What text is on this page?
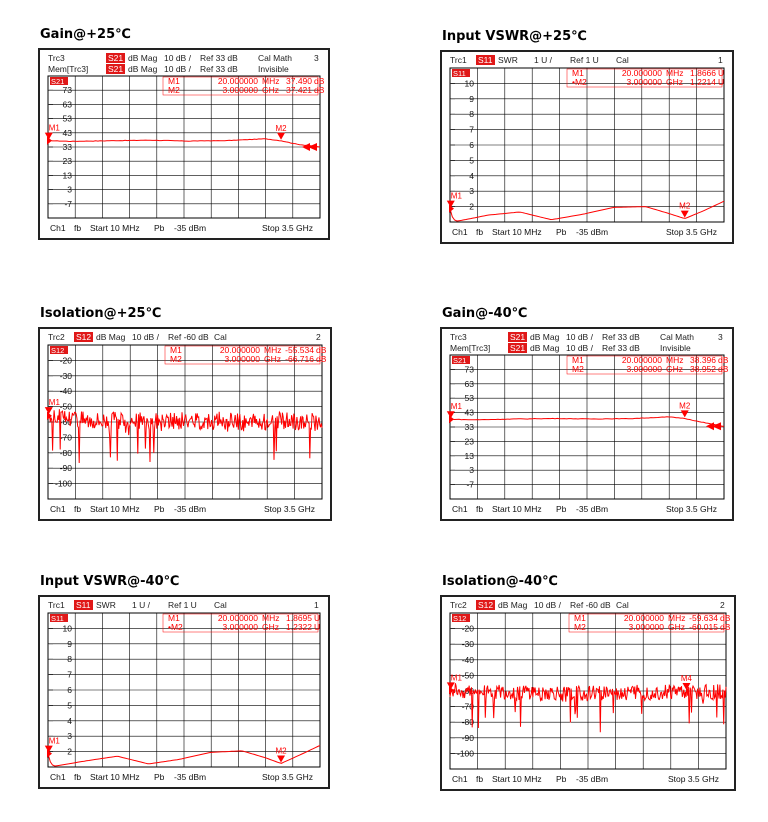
Gain@+25℃	Input VSWR@+25℃
Isolation@+25℃	Gain@-40℃
Input VSWR@-40℃	Isolation@-40℃
Trc3	S21 dB Mag 10 dB / Ref 33 dB Cal Math	3
Mem[Trc3] S21 dB Mag 10 dB / Ref 33 dB Invisible
73
63
53
43
33
23
13
3
-7
S21	M1	20.000000 MHz 37.490 dB
M2	3.000000 GHz 37.421 dB
M1	M2
Ch1 fb Start 10 MHz Pb -35 dBm	Stop 3.5 GHz
Trc1 S11 SWR 1 U / Ref 1 U Cal	1
10
9
8
7
6
5
4
3
2
S11	M1	20.000000 MHz 1.8666 U
•M2	3.000000 GHz 1.2214 U
M1
M2
Ch1 fb Start 10 MHz Pb -35 dBm	Stop 3.5 GHz
Trc2 S12 dB Mag 10 dB / Ref -60 dB Cal	2
-20
-30
-40
-50
-60
-70
-80
-90
-100
S12	M1	20.000000 MHz -55.534 dB
M2	3.000000 GHz -66.716 dB
M1
Ch1 fb Start 10 MHz Pb -35 dBm	Stop 3.5 GHz
Trc3	S21 dB Mag 10 dB / Ref 33 dB Cal Math	3
Mem[Trc3] S21 dB Mag 10 dB / Ref 33 dB Invisible
73
63
53
43
33
23
13
3
-7
S21	M1	20.000000 MHz 38.396 dB
M2	3.000000 GHz 38.952 dB
M1	M2
Ch1 fb Start 10 MHz Pb -35 dBm	Stop 3.5 GHz
Trc1 S11 SWR 1 U / Ref 1 U Cal	1
10
9
8
7
6
5
4
3
2
S11	M1	20.000000 MHz 1.8695 U
•M2	3.000000 GHz 1.2322 U
M1
M2
Ch1 fb Start 10 MHz Pb -35 dBm	Stop 3.5 GHz
Trc2 S12 dB Mag 10 dB / Ref -60 dB Cal	2
-20
-30
-40
-50
-60
-70
-80
-90
-100
S12	M1	20.000000 MHz -59.634 dB
M2	3.000000 GHz -60.015 dB
M1	M4
Ch1 fb Start 10 MHz Pb -35 dBm	Stop 3.5 GHz
